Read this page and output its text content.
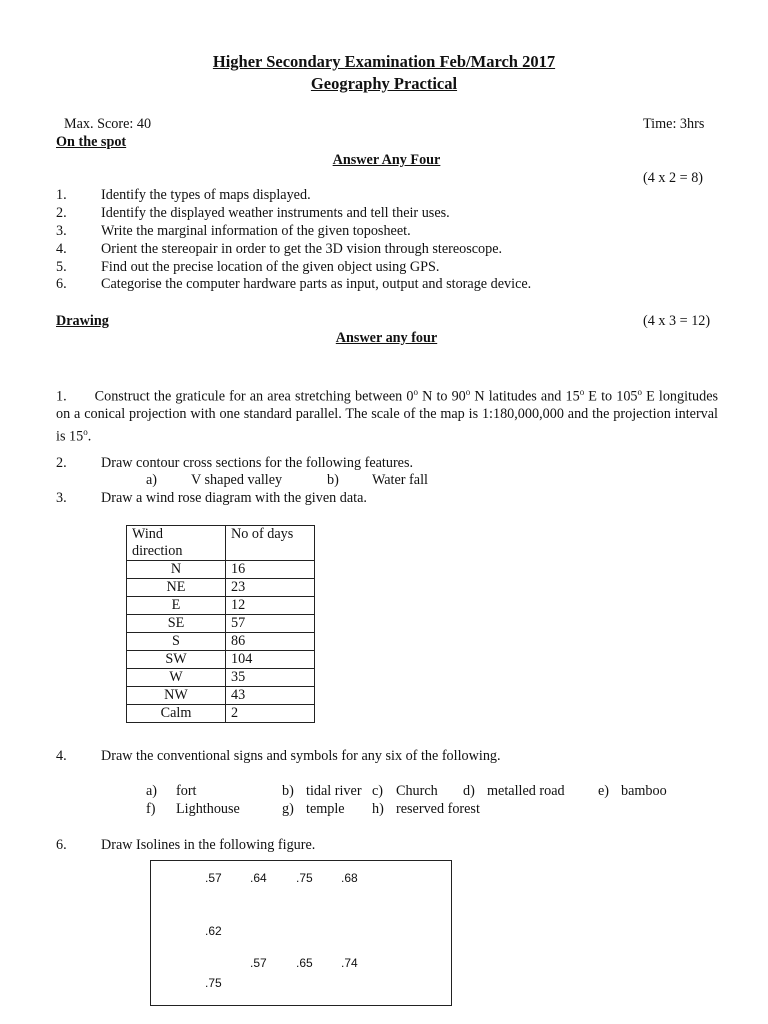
Higher Secondary Examination Feb/March 2017
Geography Practical
Max. Score: 40	Time: 3hrs
On the spot
Answer Any Four
(4 x 2 = 8)
1. Identify the types of maps displayed.
2. Identify the displayed weather instruments and tell their uses.
3. Write the marginal information of the given toposheet.
4. Orient the stereopair in order to get the 3D vision through stereoscope.
5. Find out the precise location of the given object using GPS.
6. Categorise the computer hardware parts as input, output and storage device.
Drawing	(4 x 3 = 12)
Answer any four
1. Construct the graticule for an area stretching between 0$^o$ N to 90$^o$ N latitudes and 15$^o$ E to 105$^o$ E longitudes on a conical projection with one standard parallel. The scale of the map is 1:180,000,000 and the projection interval is 15$^o$.
2. Draw contour cross sections for the following features.
a) V shaped valley	b) Water fall
3. Draw a wind rose diagram with the given data.
Wind
direction	No of days
N	16
NE	23
E	12
SE	57
S	86
SW	104
W	35
NW	43
Calm	2
4. Draw the conventional signs and symbols for any six of the following.
a) fort	b) tidal river c) Church d) metalled road e) bamboo
f) Lighthouse	g) temple h) reserved forest
6. Draw Isolines in the following figure.
.57 .64 .75 .68
.62
.57 .65 .74
.75
